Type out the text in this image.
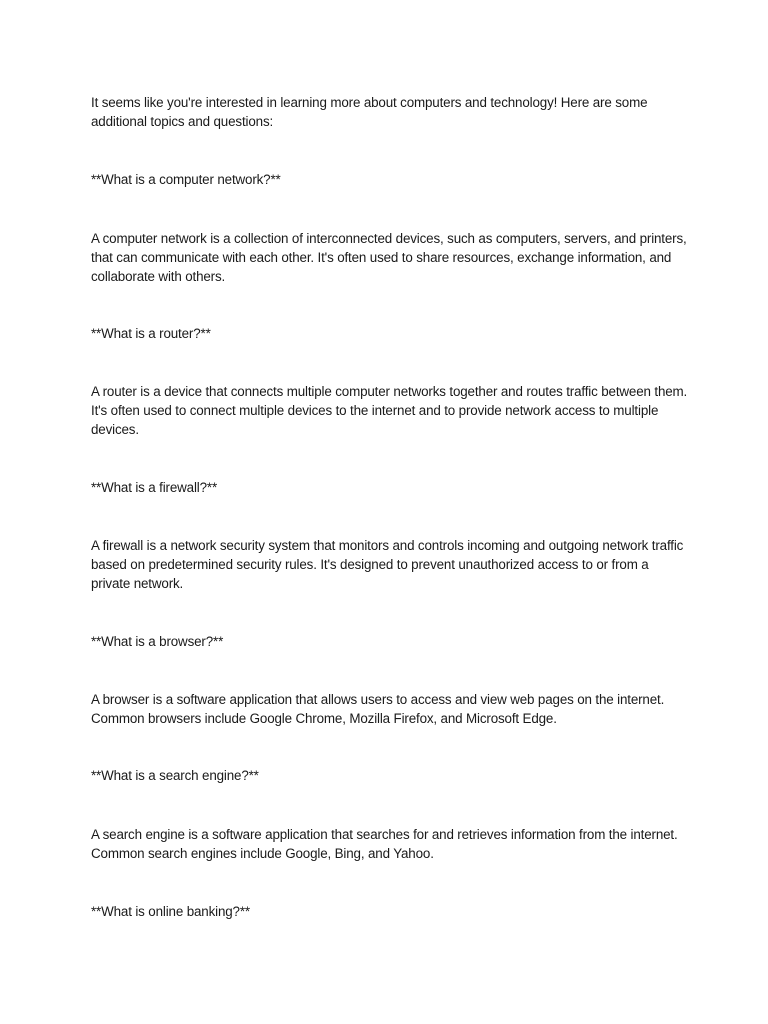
It seems like you're interested in learning more about computers and technology! Here are some additional topics and questions:

**What is a computer network?**

A computer network is a collection of interconnected devices, such as computers, servers, and printers, that can communicate with each other. It's often used to share resources, exchange information, and collaborate with others.

**What is a router?**

A router is a device that connects multiple computer networks together and routes traffic between them. It's often used to connect multiple devices to the internet and to provide network access to multiple devices.

**What is a firewall?**

A firewall is a network security system that monitors and controls incoming and outgoing network traffic based on predetermined security rules. It's designed to prevent unauthorized access to or from a private network.

**What is a browser?**

A browser is a software application that allows users to access and view web pages on the internet. Common browsers include Google Chrome, Mozilla Firefox, and Microsoft Edge.

**What is a search engine?**

A search engine is a software application that searches for and retrieves information from the internet. Common search engines include Google, Bing, and Yahoo.

**What is online banking?**
